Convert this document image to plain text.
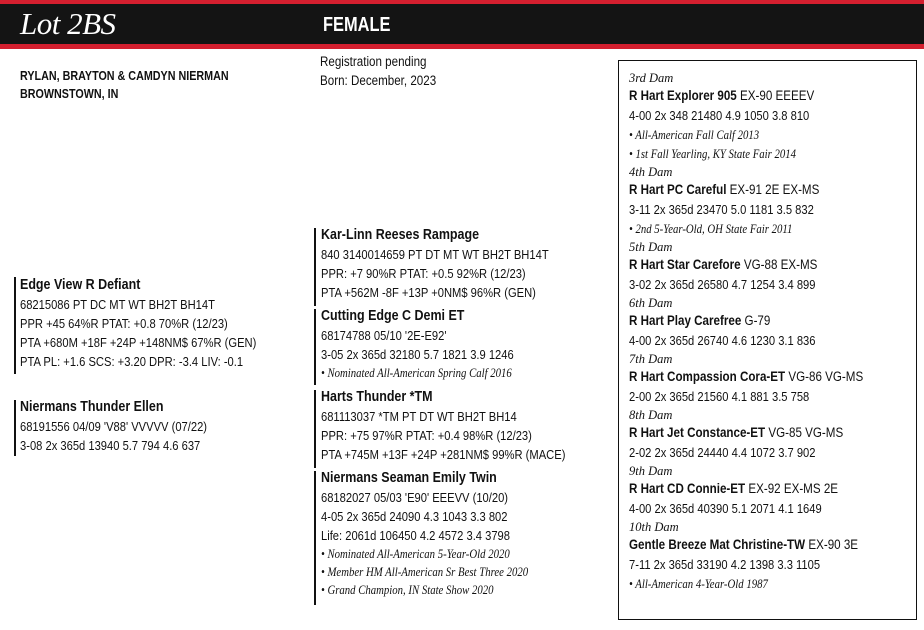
Lot 2BS	FEMALE
RYLAN, BRAYTON & CAMDYN NIERMAN
BROWNSTOWN, IN
Registration pending
Born: December, 2023
Edge View R Defiant
68215086 PT DC MT WT BH2T BH14T
PPR +45 64%R PTAT: +0.8 70%R (12/23)
PTA +680M +18F +24P +148NM$ 67%R (GEN)
PTA PL: +1.6 SCS: +3.20 DPR: -3.4 LIV: -0.1
Niermans Thunder Ellen
68191556 04/09 'V88' VVVVV (07/22)
3-08 2x 365d 13940 5.7 794 4.6 637
Kar-Linn Reeses Rampage
840 3140014659 PT DT MT WT BH2T BH14T
PPR: +7 90%R PTAT: +0.5 92%R (12/23)
PTA +562M -8F +13P +0NM$ 96%R (GEN)
Cutting Edge C Demi ET
68174788 05/10 '2E-E92'
3-05 2x 365d 32180 5.7 1821 3.9 1246
• Nominated All-American Spring Calf 2016
Harts Thunder *TM
681113037 *TM PT DT WT BH2T BH14
PPR: +75 97%R PTAT: +0.4 98%R (12/23)
PTA +745M +13F +24P +281NM$ 99%R (MACE)
Niermans Seaman Emily Twin
68182027 05/03 'E90' EEEVV (10/20)
4-05 2x 365d 24090 4.3 1043 3.3 802
Life: 2061d 106450 4.2 4572 3.4 3798
• Nominated All-American 5-Year-Old 2020
• Member HM All-American Sr Best Three 2020
• Grand Champion, IN State Show 2020
3rd Dam
R Hart Explorer 905 EX-90 EEEEV
4-00 2x 348 21480 4.9 1050 3.8 810
• All-American Fall Calf 2013
• 1st Fall Yearling, KY State Fair 2014
4th Dam
R Hart PC Careful EX-91 2E EX-MS
3-11 2x 365d 23470 5.0 1181 3.5 832
• 2nd 5-Year-Old, OH State Fair 2011
5th Dam
R Hart Star Carefore VG-88 EX-MS
3-02 2x 365d 26580 4.7 1254 3.4 899
6th Dam
R Hart Play Carefree G-79
4-00 2x 365d 26740 4.6 1230 3.1 836
7th Dam
R Hart Compassion Cora-ET VG-86 VG-MS
2-00 2x 365d 21560 4.1 881 3.5 758
8th Dam
R Hart Jet Constance-ET VG-85 VG-MS
2-02 2x 365d 24440 4.4 1072 3.7 902
9th Dam
R Hart CD Connie-ET EX-92 EX-MS 2E
4-00 2x 365d 40390 5.1 2071 4.1 1649
10th Dam
Gentle Breeze Mat Christine-TW EX-90 3E
7-11 2x 365d 33190 4.2 1398 3.3 1105
• All-American 4-Year-Old 1987
